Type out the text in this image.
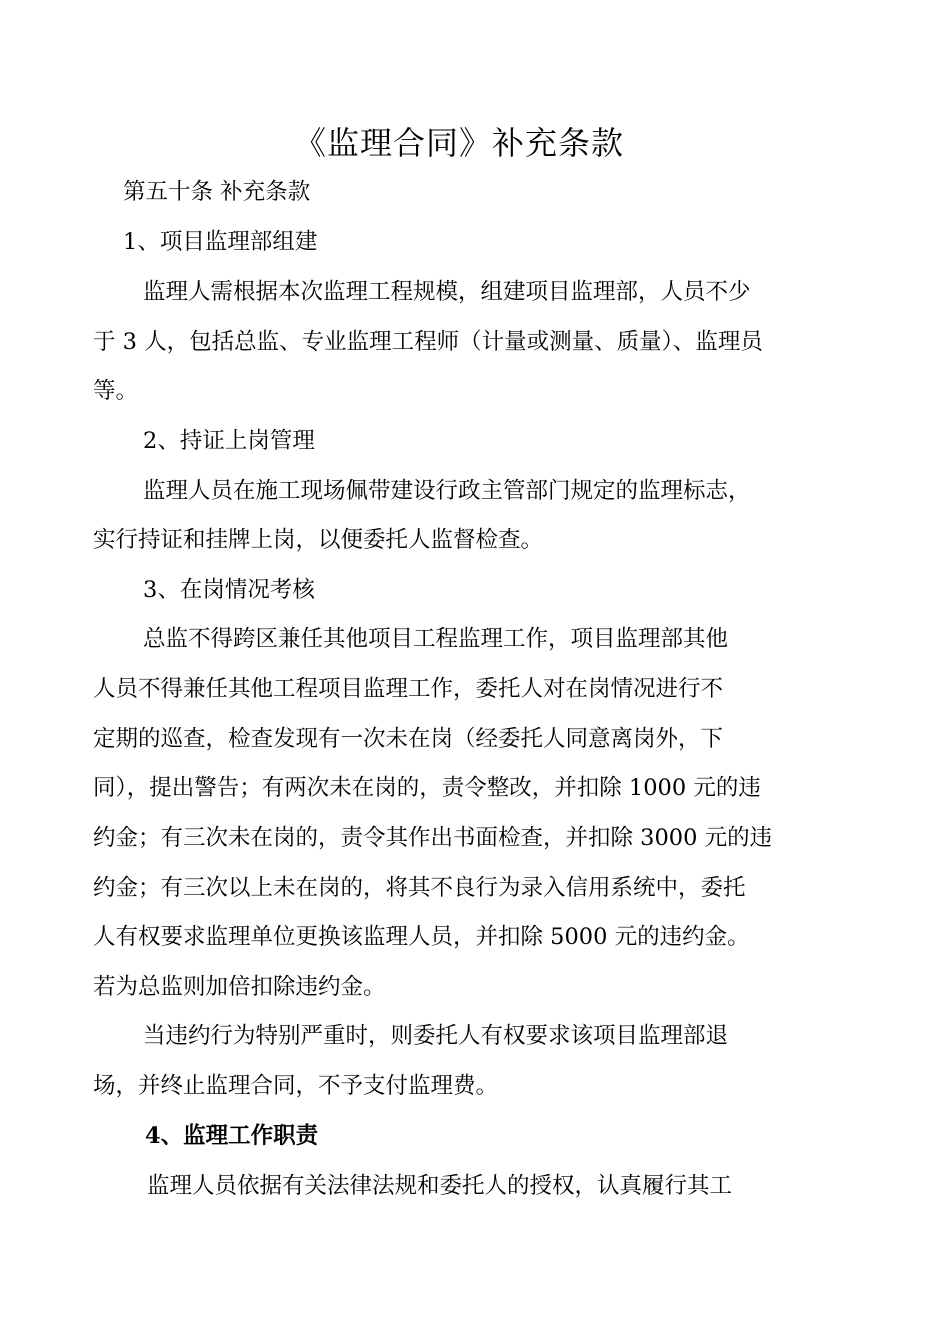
《监理合同》补充条款
第五十条 补充条款
1、项目监理部组建
监理人需根据本次监理工程规模，组建项目监理部，人员不少
于 3 人，包括总监、专业监理工程师（计量或测量、质量）、监理员
等。
2、持证上岗管理
监理人员在施工现场佩带建设行政主管部门规定的监理标志，
实行持证和挂牌上岗，以便委托人监督检查。
3、在岗情况考核
总监不得跨区兼任其他项目工程监理工作，项目监理部其他
人员不得兼任其他工程项目监理工作，委托人对在岗情况进行不
定期的巡查，检查发现有一次未在岗（经委托人同意离岗外，下
同），提出警告；有两次未在岗的，责令整改，并扣除 1000 元的违
约金；有三次未在岗的，责令其作出书面检查，并扣除 3000 元的违
约金；有三次以上未在岗的，将其不良行为录入信用系统中，委托
人有权要求监理单位更换该监理人员，并扣除 5000 元的违约金。
若为总监则加倍扣除违约金。
当违约行为特别严重时，则委托人有权要求该项目监理部退
场，并终止监理合同，不予支付监理费。
4、监理工作职责
监理人员依据有关法律法规和委托人的授权，认真履行其工
